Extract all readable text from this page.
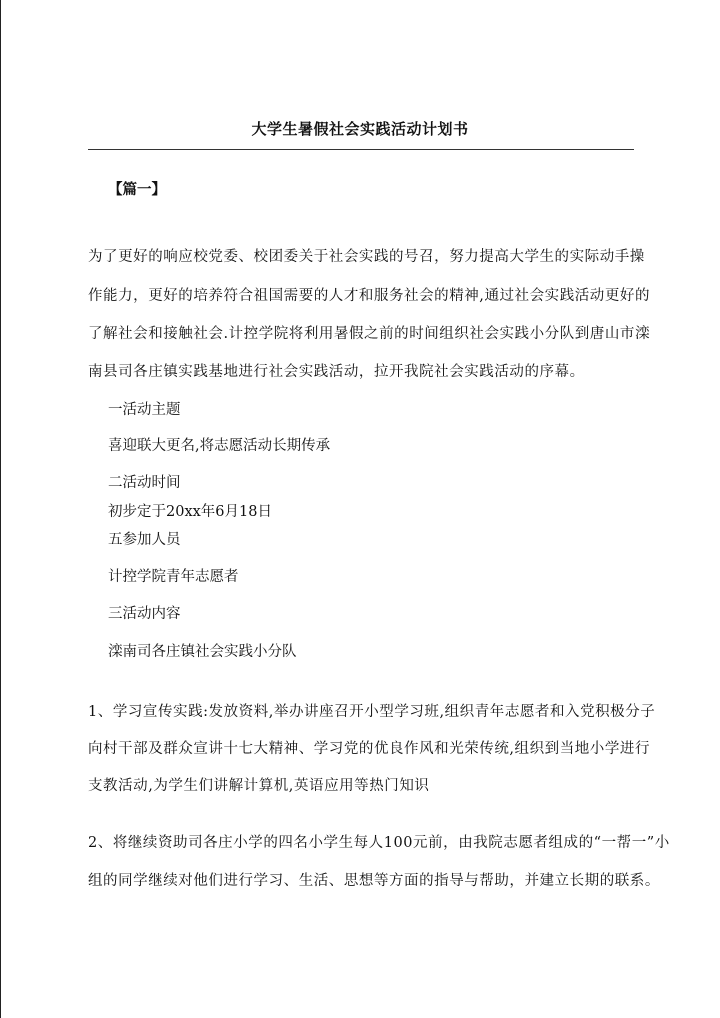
大学生暑假社会实践活动计划书
【篇一】
为了更好的响应校党委、校团委关于社会实践的号召，努力提高大学生的实际动手操
作能力，更好的培养符合祖国需要的人才和服务社会的精神,通过社会实践活动更好的
了解社会和接触社会.计控学院将利用暑假之前的时间组织社会实践小分队到唐山市滦
南县司各庄镇实践基地进行社会实践活动，拉开我院社会实践活动的序幕。
一活动主题
喜迎联大更名,将志愿活动长期传承
二活动时间
初步定于20xx年6月18日
五参加人员
计控学院青年志愿者
三活动内容
滦南司各庄镇社会实践小分队
1、学习宣传实践:发放资料,举办讲座召开小型学习班,组织青年志愿者和入党积极分子
向村干部及群众宣讲十七大精神、学习党的优良作风和光荣传统,组织到当地小学进行
支教活动,为学生们讲解计算机,英语应用等热门知识
2、将继续资助司各庄小学的四名小学生每人100元前，由我院志愿者组成的“一帮一”小
组的同学继续对他们进行学习、生活、思想等方面的指导与帮助，并建立长期的联系。
